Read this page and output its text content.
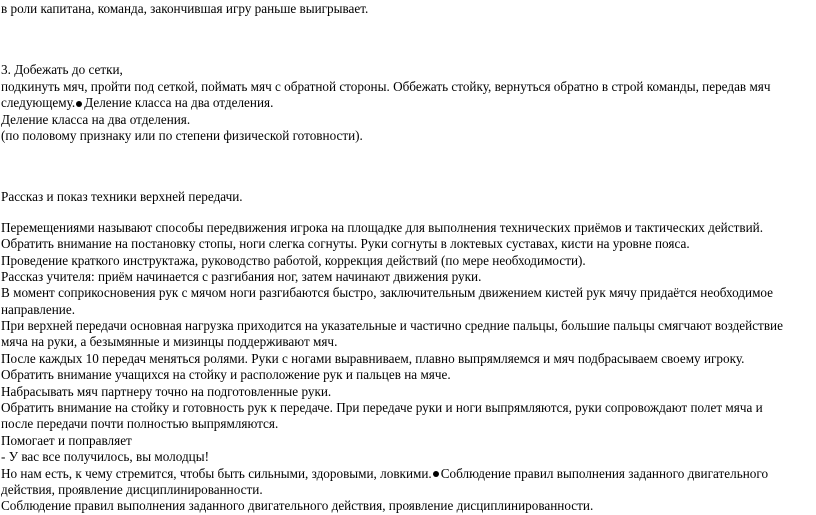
в роли капитана, команда, закончившая игру раньше выигрывает.
3. Добежать до сетки,
подкинуть мяч, пройти под сеткой, поймать мяч с обратной стороны. Оббежать стойку, вернуться обратно в строй команды, передав мяч
следующему. Деление класса на два отделения.
Деление класса на два отделения.
(по половому признаку или по степени физической готовности).
Рассказ и показ техники верхней передачи.
Перемещениями называют способы передвижения игрока на площадке для выполнения технических приёмов и тактических действий.
Обратить внимание на постановку стопы, ноги слегка согнуты. Руки согнуты в локтевых суставах, кисти на уровне пояса.
Проведение краткого инструктажа, руководство работой, коррекция действий (по мере необходимости).
Рассказ учителя: приём начинается с разгибания ног, затем начинают движения руки.
В момент соприкосновения рук с мячом ноги разгибаются быстро, заключительным движением кистей рук мячу придаётся необходимое
направление.
При верхней передачи основная нагрузка приходится на указательные и частично средние пальцы, большие пальцы смягчают воздействие
мяча на руки, а безымянные и мизинцы поддерживают мяч.
После каждых 10 передач меняться ролями. Руки с ногами выравниваем, плавно выпрямляемся и мяч подбрасываем своему игроку.
Обратить внимание учащихся на стойку и расположение рук и пальцев на мяче.
Набрасывать мяч партнеру точно на подготовленные руки.
Обратить внимание на стойку и готовность рук к передаче. При передаче руки и ноги выпрямляются, руки сопровождают полет мяча и
после передачи почти полностью выпрямляются.
Помогает и поправляет
- У вас все получилось, вы молодцы!
Но нам есть, к чему стремится, чтобы быть сильными, здоровыми, ловкими. Соблюдение правил выполнения заданного двигательного
действия, проявление дисциплинированности.
Соблюдение правил выполнения заданного двигательного действия, проявление дисциплинированности.
